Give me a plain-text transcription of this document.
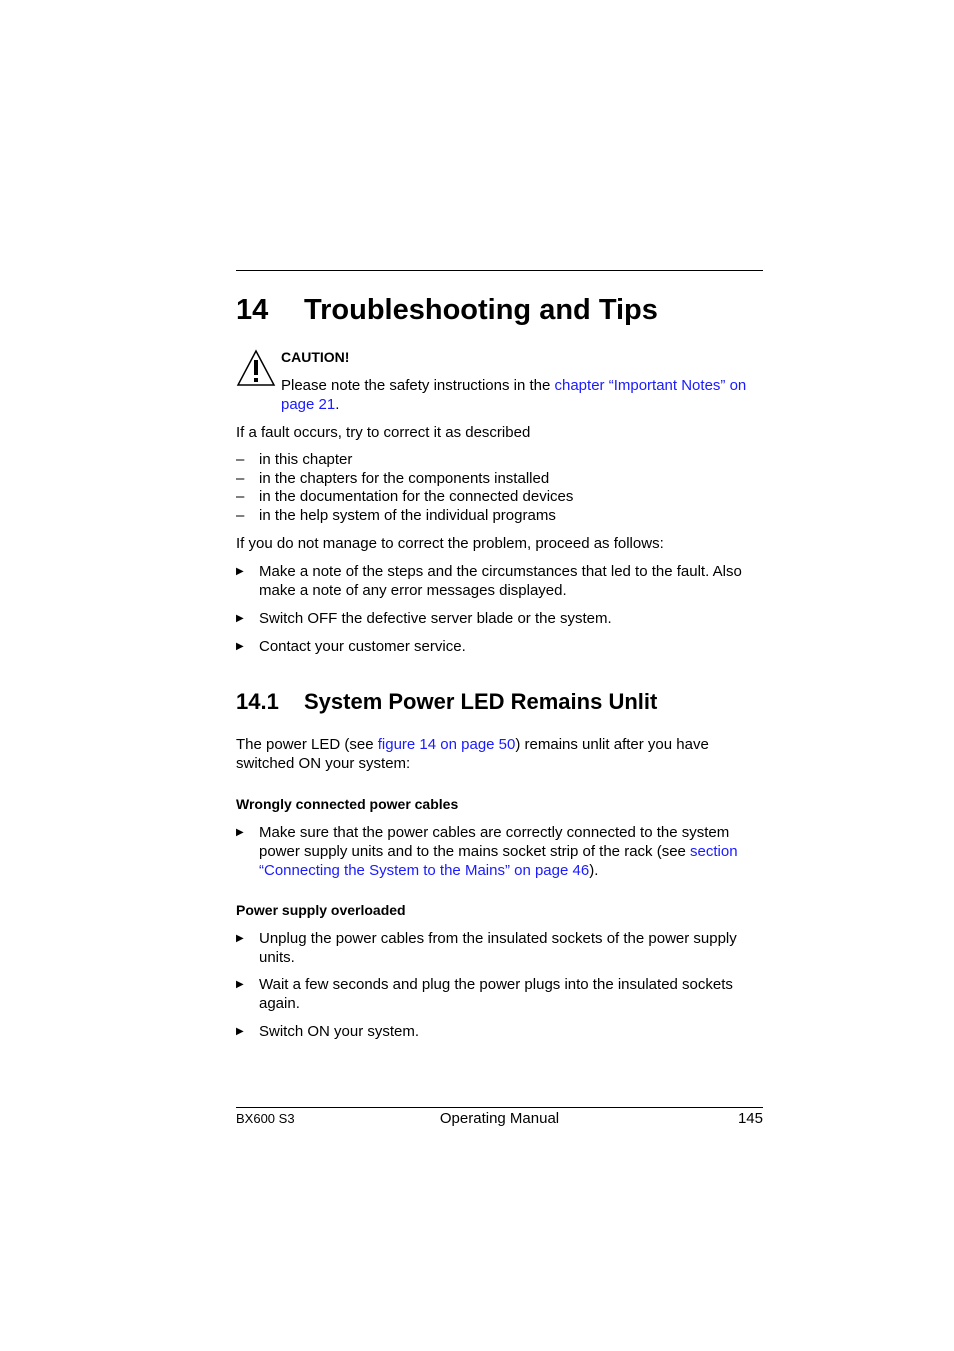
14 Troubleshooting and Tips

CAUTION!

Please note the safety instructions in the chapter “Important Notes” on page 21.

If a fault occurs, try to correct it as described

– in this chapter
– in the chapters for the components installed
– in the documentation for the connected devices
– in the help system of the individual programs

If you do not manage to correct the problem, proceed as follows:

▶ Make a note of the steps and the circumstances that led to the fault. Also make a note of any error messages displayed.
▶ Switch OFF the defective server blade or the system.
▶ Contact your customer service.
14.1 System Power LED Remains Unlit

The power LED (see figure 14 on page 50) remains unlit after you have switched ON your system:

Wrongly connected power cables

▶ Make sure that the power cables are correctly connected to the system power supply units and to the mains socket strip of the rack (see section “Connecting the System to the Mains” on page 46).

Power supply overloaded

▶ Unplug the power cables from the insulated sockets of the power supply units.
▶ Wait a few seconds and plug the power plugs into the insulated sockets again.
▶ Switch ON your system.
BX600 S3	Operating Manual	145
